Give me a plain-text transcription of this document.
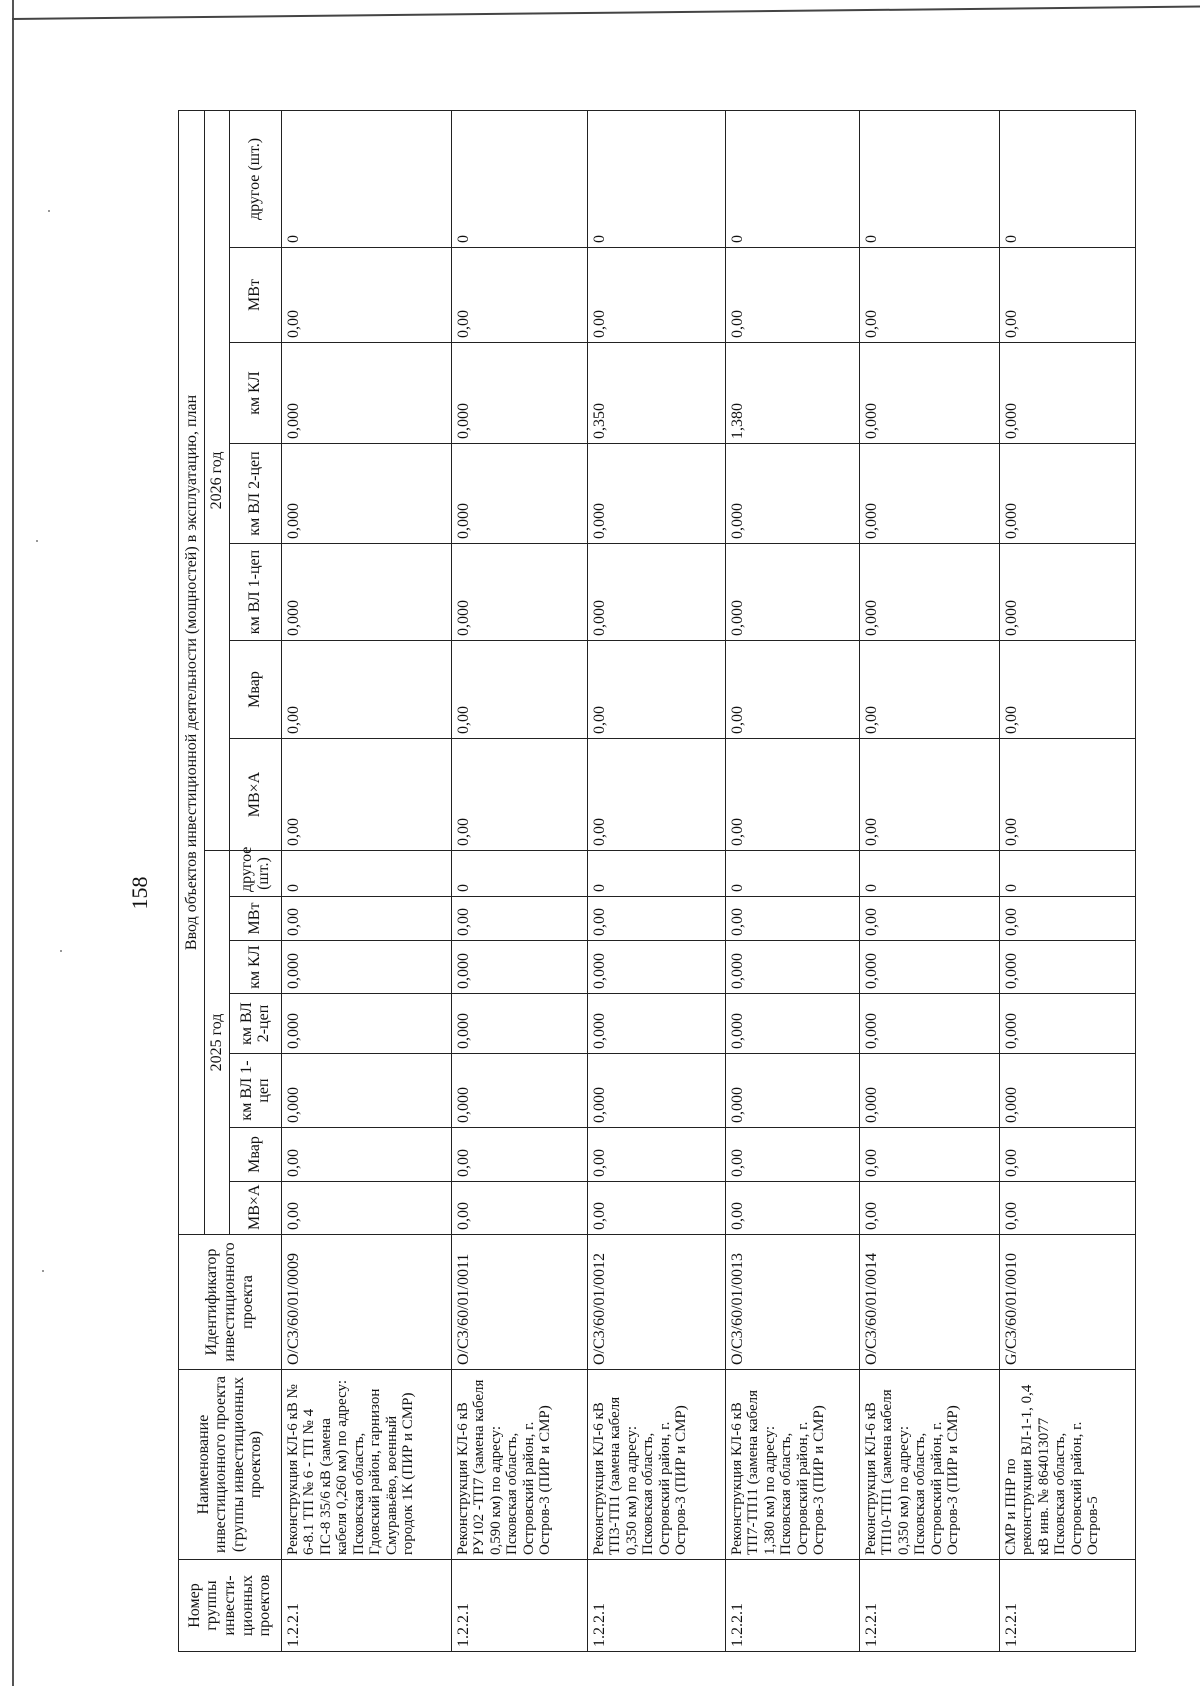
158
Номер группы инвести-ционных проектов	Наименование инвестиционного проекта (группы инвестиционных проектов)	Идентификатор инвестиционного проекта	Ввод объектов инвестиционной деятельности (мощностей) в эксплуатацию, план													
			2025 год							2026 год						
			МВ×А	Мвар	км ВЛ 1-цеп	км ВЛ 2-цеп	км КЛ	МВт	другое (шт.)	МВ×А	Мвар	км ВЛ 1-цеп	км ВЛ 2-цеп	км КЛ	МВт	другое (шт.)
1.2.2.1	Реконструкция КЛ-6 кВ № 6-8.1 ТП № 6 - ТП № 4 ПС-8 35/6 кВ (замена кабеля 0,260 км) по адресу: Псковская область, Гдовский район, гарнизон Смуравьёво, военный городок 1К (ПИР и СМР)	O/C3/60/01/0009	0,00	0,00	0,000	0,000	0,000	0,00	0	0,00	0,00	0,000	0,000	0,000	0,00	0
1.2.2.1	Реконструкция КЛ-6 кВ РУ102 -ТП7 (замена кабеля 0,590 км) по адресу: Псковская область, Островский район, г. Остров-3 (ПИР и СМР)	O/C3/60/01/0011	0,00	0,00	0,000	0,000	0,000	0,00	0	0,00	0,00	0,000	0,000	0,000	0,00	0
1.2.2.1	Реконструкция КЛ-6 кВ ТП3-ТП1 (замена кабеля 0,350 км) по адресу: Псковская область, Островский район, г. Остров-3 (ПИР и СМР)	O/C3/60/01/0012	0,00	0,00	0,000	0,000	0,000	0,00	0	0,00	0,00	0,000	0,000	0,350	0,00	0
1.2.2.1	Реконструкция КЛ-6 кВ ТП7-ТП11 (замена кабеля 1,380 км) по адресу: Псковская область, Островский район, г. Остров-3 (ПИР и СМР)	O/C3/60/01/0013	0,00	0,00	0,000	0,000	0,000	0,00	0	0,00	0,00	0,000	0,000	1,380	0,00	0
1.2.2.1	Реконструкция КЛ-6 кВ ТП10-ТП1 (замена кабеля 0,350 км) по адресу: Псковская область, Островский район, г. Остров-3 (ПИР и СМР)	O/C3/60/01/0014	0,00	0,00	0,000	0,000	0,000	0,00	0	0,00	0,00	0,000	0,000	0,000	0,00	0
1.2.2.1	СМР и ПНР по реконструкции ВЛ-1-1, 0,4 кВ инв. № 864013077 Псковская область, Островский район, г. Остров-5	G/C3/60/01/0010	0,00	0,00	0,000	0,000	0,000	0,00	0	0,00	0,00	0,000	0,000	0,000	0,00	0
